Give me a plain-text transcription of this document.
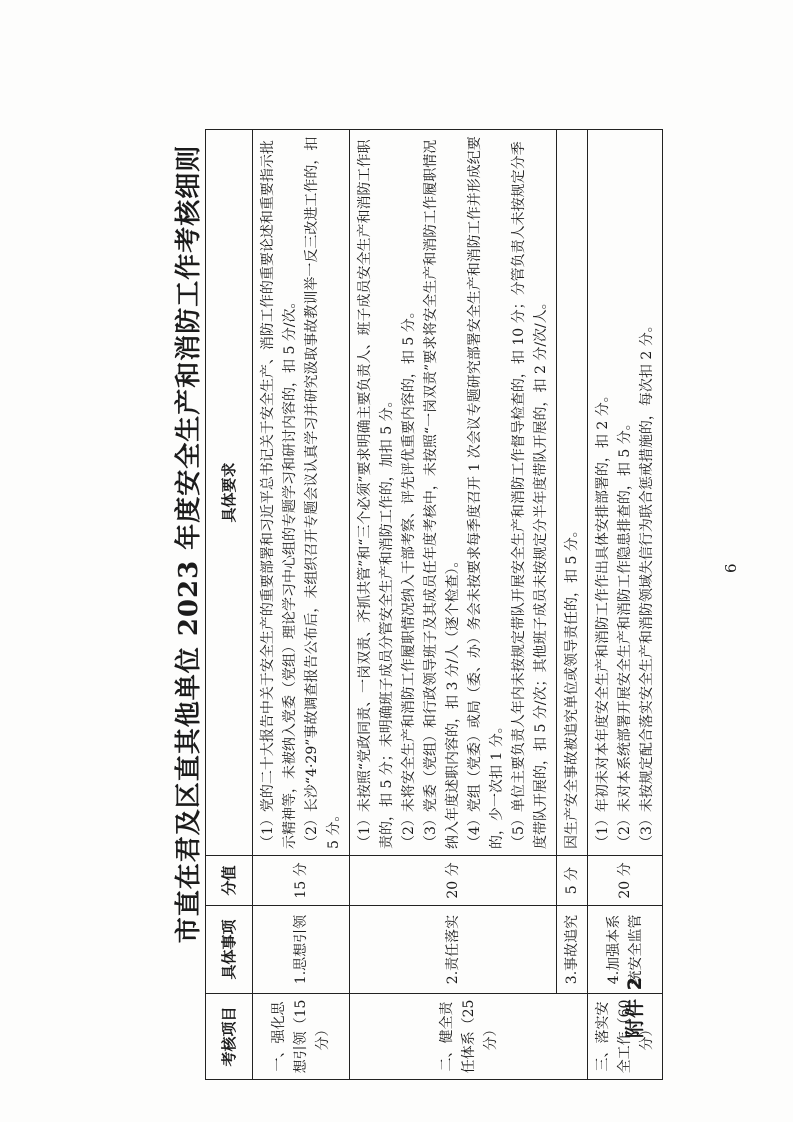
附件 2
市直在君及区直其他单位 2023 年度安全生产和消防工作考核细则
考核项目	具体事项	分值	具体要求
一、强化思想引领（15 分）	1.思想引领	15 分	（1）党的二十大报告中关于安全生产的重要部署和习近平总书记关于安全生产、消防工作的重要论述和重要指示批示精神等，未被纳入党委（党组）理论学习中心组的专题学习和研讨内容的，扣 5 分/次。 （2）长沙“4·29”事故调查报告公布后，未组织召开专题会议认真学习并研究汲取事故教训举一反三改进工作的，扣 5 分。

二、健全责任体系（25 分）	2.责任落实	20 分	（1）未按照“党政同责、一岗双责、齐抓共管”和“三个必须”要求明确主要负责人、班子成员安全生产和消防工作职责的，扣 5 分；未明确班子成员分管安全生产和消防工作的，加扣 5 分。 （2）未将安全生产和消防工作履职情况纳入干部考察、评先评优重要内容的，扣 5 分。 （3）党委（党组）和行政领导班子及其成员任年度考核中，未按照“一岗双责”要求将安全生产和消防工作履职情况纳入年度述职内容的，扣 3 分/人（逐个检查）。 （4）党组（党委）或局（委、办）务会未按要求每季度召开 1 次会议专题研究部署安全生产和消防工作并形成纪要的，少一次扣 1 分。 （5）单位主要负责人年内未按规定带队开展安全生产和消防工作督导检查的，扣 10 分；分管负责人未按规定分季度带队开展的，扣 5 分/次；其他班子成员未按规定分半年度带队开展的，扣 2 分/次/人。

	3.事故追究	5 分	因生产安全事故被追究单位或领导责任的，扣 5 分。

三、落实安全工作（60 分）	4.加强本系统安全监管	20 分	（1）年初未对本年度安全生产和消防工作作出具体安排部署的，扣 2 分。 （2）未对本系统部署开展安全生产和消防工作隐患排查的，扣 5 分。 （3）未按规定配合落实安全生产和消防领域失信行为联合惩戒措施的，每次扣 2 分。	6
